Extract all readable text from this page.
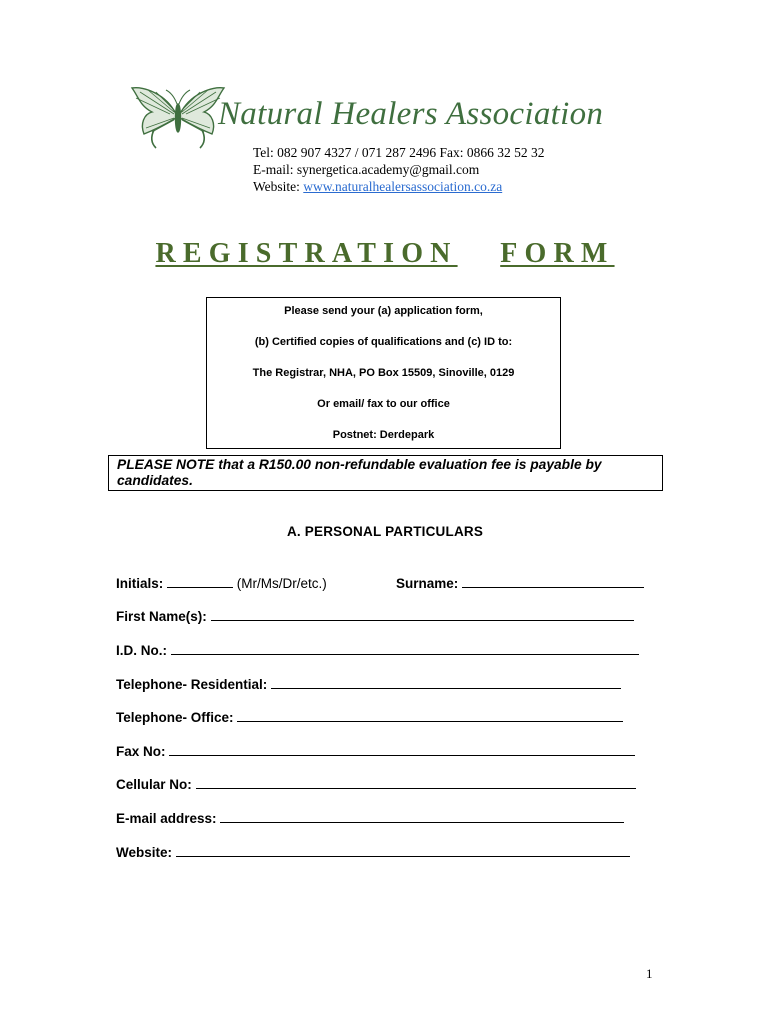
Natural Healers Association
Tel: 082 907 4327 / 071 287 2496 Fax: 0866 32 52 32
E-mail: synergetica.academy@gmail.com
Website: www.naturalhealersassociation.co.za
REGISTRATION FORM
Please send your (a) application form,
(b) Certified copies of qualifications and (c) ID to:
The Registrar, NHA, PO Box 15509, Sinoville, 0129
Or email/ fax to our office
Postnet: Derdepark
PLEASE NOTE that a R150.00 non-refundable evaluation fee is payable by candidates.
A. PERSONAL PARTICULARS
Initials:	(Mr/Ms/Dr/etc.)	Surname:
First Name(s):
I.D. No.:
Telephone- Residential:
Telephone- Office:
Fax No:
Cellular No:
E-mail address:
Website:
1
